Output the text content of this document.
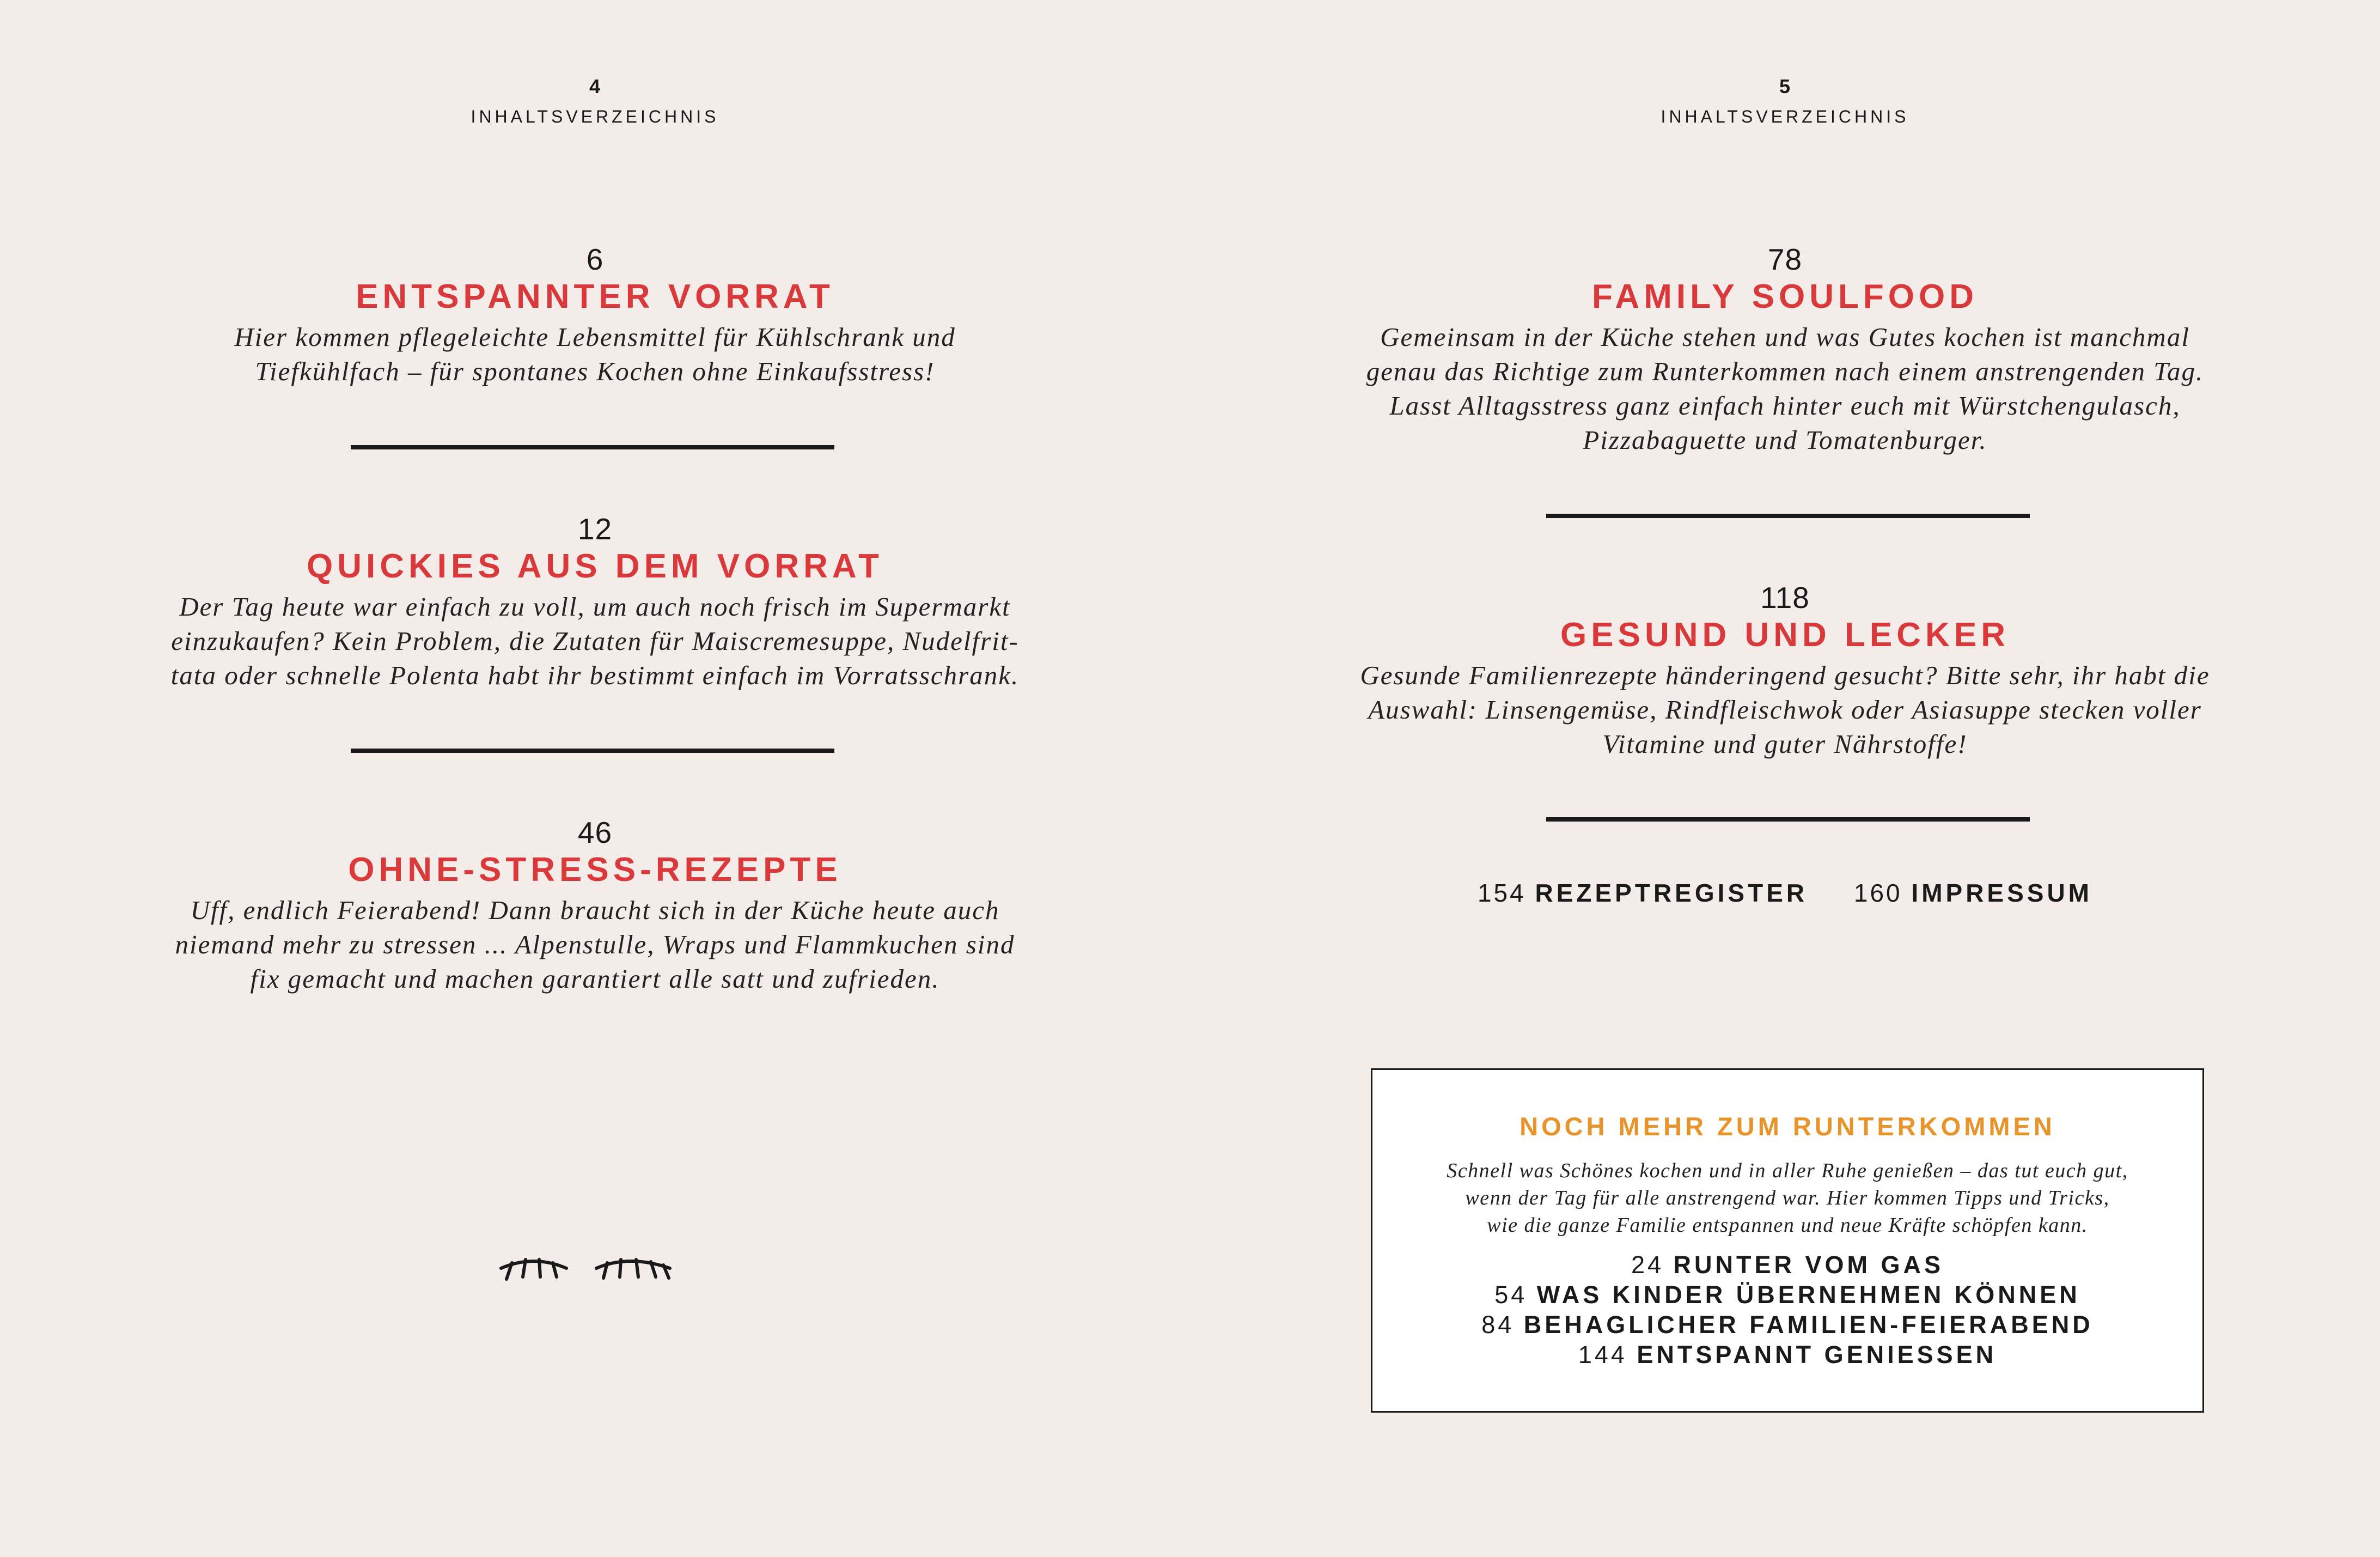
4
INHALTSVERZEICHNIS
6
ENTSPANNTER VORRAT
Hier kommen pflegeleichte Lebensmittel für Kühlschrank und
Tiefkühlfach – für spontanes Kochen ohne Einkaufsstress!
12
QUICKIES AUS DEM VORRAT
Der Tag heute war einfach zu voll, um auch noch frisch im Supermarkt
einzukaufen? Kein Problem, die Zutaten für Maiscremesuppe, Nudelfrit-
tata oder schnelle Polenta habt ihr bestimmt einfach im Vorratsschrank.
46
OHNE-STRESS-REZEPTE
Uff, endlich Feierabend! Dann braucht sich in der Küche heute auch
niemand mehr zu stressen ... Alpenstulle, Wraps und Flammkuchen sind
fix gemacht und machen garantiert alle satt und zufrieden.
5
INHALTSVERZEICHNIS
78
FAMILY SOULFOOD
Gemeinsam in der Küche stehen und was Gutes kochen ist manchmal
genau das Richtige zum Runterkommen nach einem anstrengenden Tag.
Lasst Alltagsstress ganz einfach hinter euch mit Würstchengulasch,
Pizzabaguette und Tomatenburger.
118
GESUND UND LECKER
Gesunde Familienrezepte händeringend gesucht? Bitte sehr, ihr habt die
Auswahl: Linsengemüse, Rindfleischwok oder Asiasuppe stecken voller
Vitamine und guter Nährstoffe!
154 REZEPTREGISTER 160 IMPRESSUM
NOCH MEHR ZUM RUNTERKOMMEN
Schnell was Schönes kochen und in aller Ruhe genießen – das tut euch gut,
wenn der Tag für alle anstrengend war. Hier kommen Tipps und Tricks,
wie die ganze Familie entspannen und neue Kräfte schöpfen kann.
24 RUNTER VOM GAS
54 WAS KINDER ÜBERNEHMEN KÖNNEN
84 BEHAGLICHER FAMILIEN-FEIERABEND
144 ENTSPANNT GENIESSEN
